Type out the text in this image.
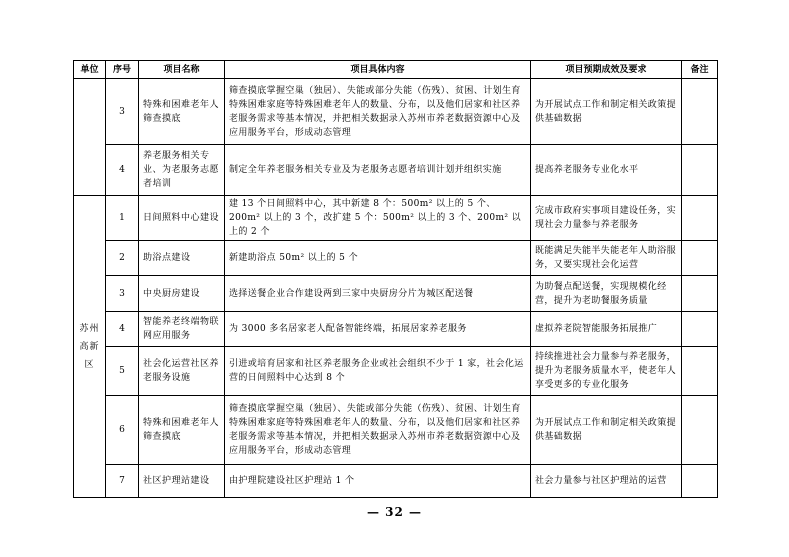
单位	序号	项目名称	项目具体内容	项目预期成效及要求	备注
	3	特殊和困难老年人筛查摸底	筛查摸底掌握空巢（独居）、失能或部分失能（伤残）、贫困、计划生育特殊困难家庭等特殊困难老年人的数量、分布，以及他们居家和社区养老服务需求等基本情况，并把相关数据录入苏州市养老数据资源中心及应用服务平台，形成动态管理	为开展试点工作和制定相关政策提供基础数据	
	4	养老服务相关专业、为老服务志愿者培训	制定全年养老服务相关专业及为老服务志愿者培训计划并组织实施	提高养老服务专业化水平	

苏州
高新
区	1	日间照料中心建设	建 13 个日间照料中心，其中新建 8 个：500m² 以上的 5 个、200m² 以上的 3 个，改扩建 5 个：500m² 以上的 3 个、200m² 以上的 2 个	完成市政府实事项目建设任务，实现社会力量参与养老服务	
	2	助浴点建设	新建助浴点 50m² 以上的 5 个	既能满足失能半失能老年人助浴服务，又要实现社会化运营	
	3	中央厨房建设	选择送餐企业合作建设两到三家中央厨房分片为城区配送餐	为助餐点配送餐，实现规模化经营，提升为老助餐服务质量	
	4	智能养老终端物联网应用服务	为 3000 多名居家老人配备智能终端，拓展居家养老服务	虚拟养老院智能服务拓展推广	
	5	社会化运营社区养老服务设施	引进或培育居家和社区养老服务企业或社会组织不少于 1 家，社会化运营的日间照料中心达到 8 个	持续推进社会力量参与养老服务，提升为老服务质量水平，使老年人享受更多的专业化服务	
	6	特殊和困难老年人筛查摸底	筛查摸底掌握空巢（独居）、失能或部分失能（伤残）、贫困、计划生育特殊困难家庭等特殊困难老年人的数量、分布，以及他们居家和社区养老服务需求等基本情况，并把相关数据录入苏州市养老数据资源中心及应用服务平台，形成动态管理	为开展试点工作和制定相关政策提供基础数据	
	7	社区护理站建设	由护理院建设社区护理站 1 个	社会力量参与社区护理站的运营	
— 32 —
